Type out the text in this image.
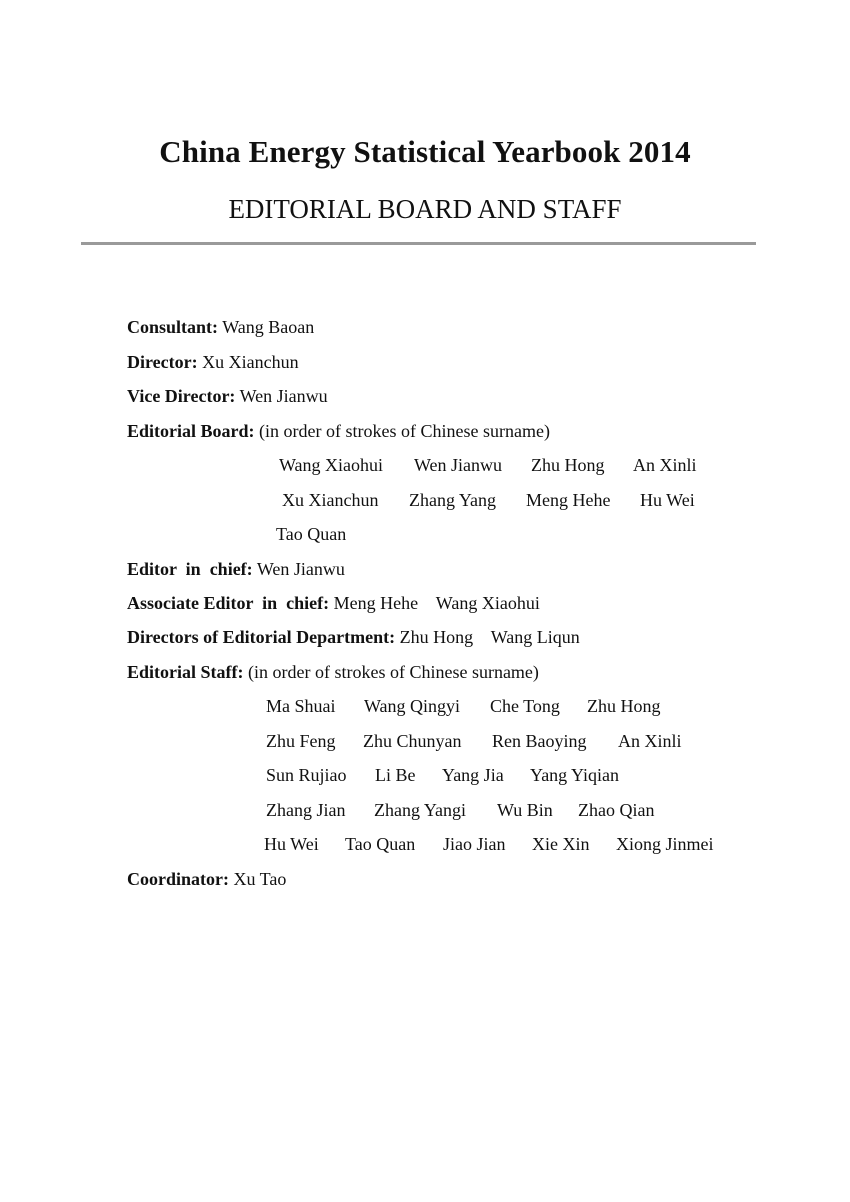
China Energy Statistical Yearbook 2014
EDITORIAL BOARD AND STAFF
Consultant: Wang Baoan
Director: Xu Xianchun
Vice Director: Wen Jianwu
Editorial Board: (in order of strokes of Chinese surname)
Wang Xiaohui Wen Jianwu Zhu Hong An Xinli
Xu Xianchun Zhang Yang Meng Hehe Hu Wei
Tao Quan
Editor  in  chief: Wen Jianwu
Associate Editor  in  chief: Meng Hehe    Wang Xiaohui
Directors of Editorial Department: Zhu Hong    Wang Liqun
Editorial Staff: (in order of strokes of Chinese surname)
Ma Shuai Wang Qingyi Che Tong Zhu Hong
Zhu Feng Zhu Chunyan Ren Baoying An Xinli
Sun Rujiao Li Be Yang Jia Yang Yiqian
Zhang Jian Zhang Yangi Wu Bin Zhao Qian
Hu Wei Tao Quan Jiao Jian Xie Xin Xiong Jinmei
Coordinator: Xu Tao
